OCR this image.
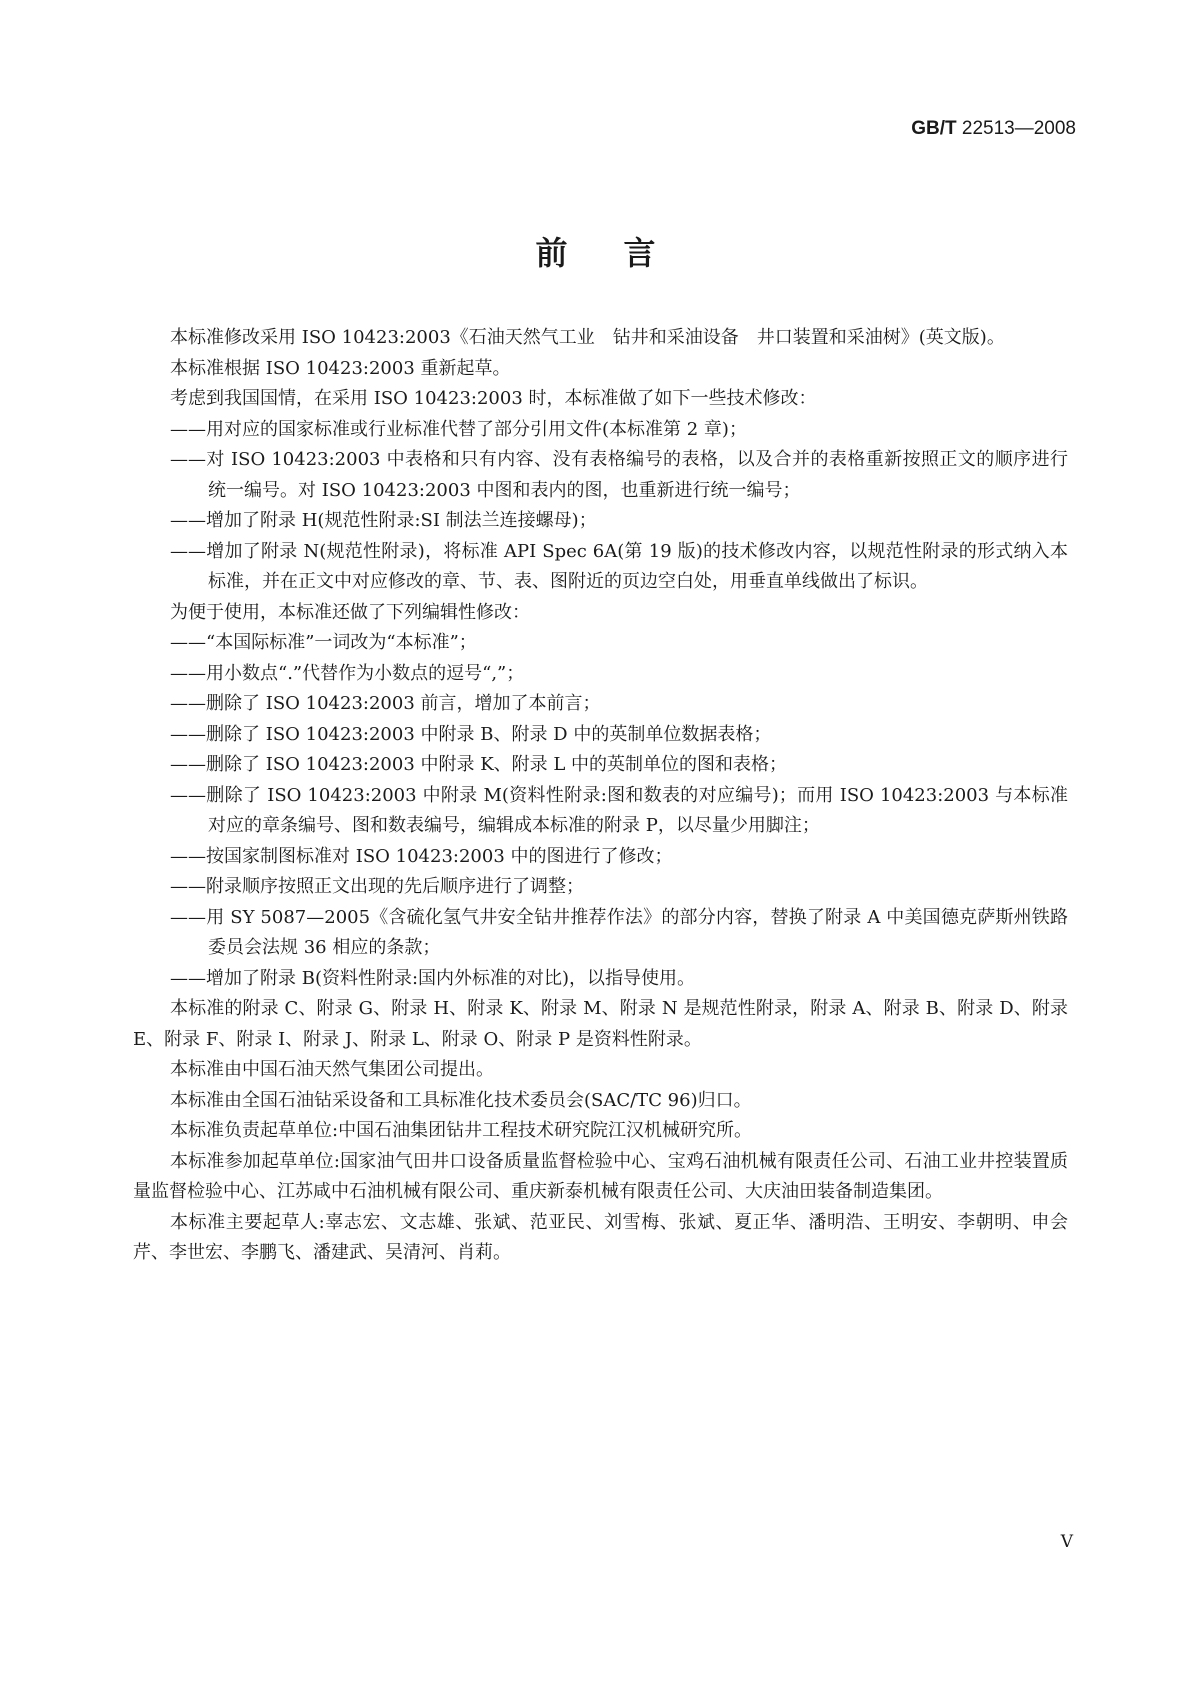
GB/T 22513—2008
前言

本标准修改采用 ISO 10423:2003《石油天然气工业　钻井和采油设备　井口装置和采油树》(英文版)。

本标准根据 ISO 10423:2003 重新起草。

考虑到我国国情，在采用 ISO 10423:2003 时，本标准做了如下一些技术修改：

——用对应的国家标准或行业标准代替了部分引用文件(本标准第 2 章)；

——对 ISO 10423:2003 中表格和只有内容、没有表格编号的表格，以及合并的表格重新按照正文的顺序进行统一编号。对 ISO 10423:2003 中图和表内的图，也重新进行统一编号；

——增加了附录 H(规范性附录:SI 制法兰连接螺母)；

——增加了附录 N(规范性附录)，将标准 API Spec 6A(第 19 版)的技术修改内容，以规范性附录的形式纳入本标准，并在正文中对应修改的章、节、表、图附近的页边空白处，用垂直单线做出了标识。

为便于使用，本标准还做了下列编辑性修改：

——“本国际标准”一词改为“本标准”；

——用小数点“.”代替作为小数点的逗号“,”；

——删除了 ISO 10423:2003 前言，增加了本前言；

——删除了 ISO 10423:2003 中附录 B、附录 D 中的英制单位数据表格；

——删除了 ISO 10423:2003 中附录 K、附录 L 中的英制单位的图和表格；

——删除了 ISO 10423:2003 中附录 M(资料性附录:图和数表的对应编号)；而用 ISO 10423:2003 与本标准对应的章条编号、图和数表编号，编辑成本标准的附录 P，以尽量少用脚注；

——按国家制图标准对 ISO 10423:2003 中的图进行了修改；

——附录顺序按照正文出现的先后顺序进行了调整；

——用 SY 5087—2005《含硫化氢气井安全钻井推荐作法》的部分内容，替换了附录 A 中美国德克萨斯州铁路委员会法规 36 相应的条款；

——增加了附录 B(资料性附录:国内外标准的对比)，以指导使用。

本标准的附录 C、附录 G、附录 H、附录 K、附录 M、附录 N 是规范性附录，附录 A、附录 B、附录 D、附录 E、附录 F、附录 I、附录 J、附录 L、附录 O、附录 P 是资料性附录。

本标准由中国石油天然气集团公司提出。

本标准由全国石油钻采设备和工具标准化技术委员会(SAC/TC 96)归口。

本标准负责起草单位:中国石油集团钻井工程技术研究院江汉机械研究所。

本标准参加起草单位:国家油气田井口设备质量监督检验中心、宝鸡石油机械有限责任公司、石油工业井控装置质量监督检验中心、江苏咸中石油机械有限公司、重庆新泰机械有限责任公司、大庆油田装备制造集团。

本标准主要起草人:辜志宏、文志雄、张斌、范亚民、刘雪梅、张斌、夏正华、潘明浩、王明安、李朝明、申会芹、李世宏、李鹏飞、潘建武、吴清河、肖莉。

V
